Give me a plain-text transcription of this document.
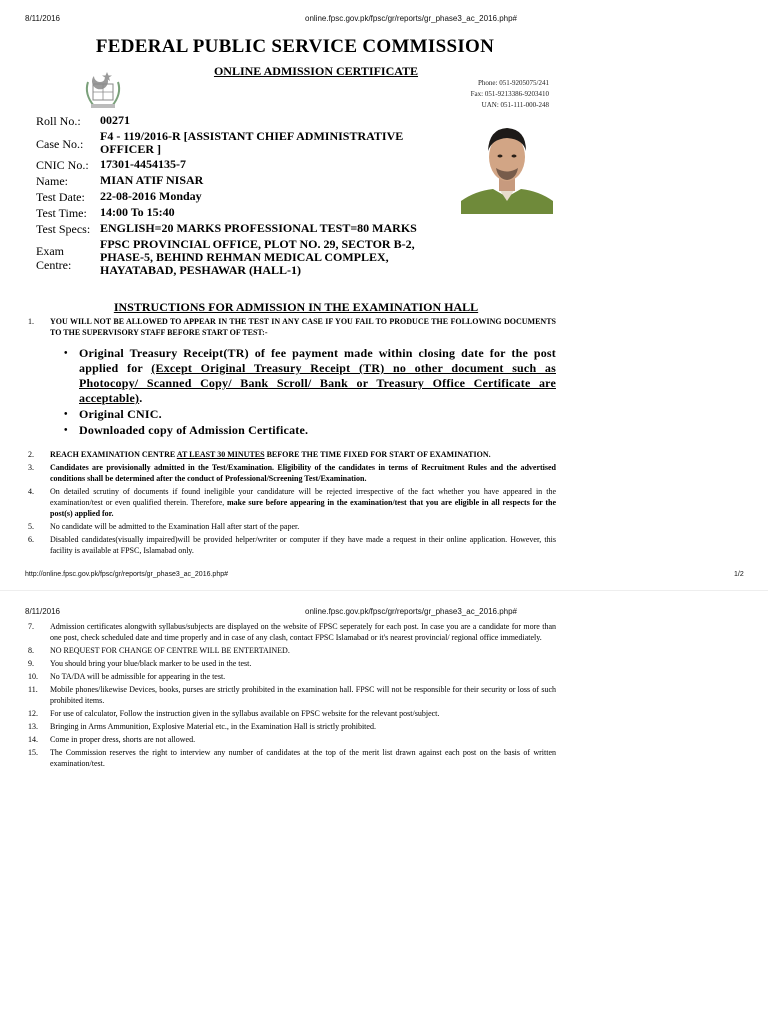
8/11/2016	online.fpsc.gov.pk/fpsc/gr/reports/gr_phase3_ac_2016.php#
FEDERAL PUBLIC SERVICE COMMISSION
ONLINE ADMISSION CERTIFICATE
Phone: 051-9205075/241
Fax: 051-9213386-9203410
UAN: 051-111-000-248
Roll No.:	00271
Case No.:
F4 - 119/2016-R [ASSISTANT CHIEF ADMINISTRATIVE OFFICER ]
CNIC No.: 17301-4454135-7
Name:	MIAN ATIF NISAR
Test Date:	22-08-2016 Monday
Test Time:	14:00 To 15:40
Test Specs: ENGLISH=20 MARKS PROFESSIONAL TEST=80 MARKS
Exam Centre:
FPSC PROVINCIAL OFFICE, PLOT NO. 29, SECTOR B-2, PHASE-5, BEHIND REHMAN MEDICAL COMPLEX, HAYATABAD, PESHAWAR (HALL-1)
INSTRUCTIONS FOR ADMISSION IN THE EXAMINATION HALL
1.	YOU WILL NOT BE ALLOWED TO APPEAR IN THE TEST IN ANY CASE IF YOU FAIL TO PRODUCE THE FOLLOWING DOCUMENTS TO THE SUPERVISORY STAFF BEFORE START OF TEST:-
• Original Treasury Receipt(TR) of fee payment made within closing date for the post applied for (Except Original Treasury Receipt (TR) no other document such as Photocopy/ Scanned Copy/ Bank Scroll/ Bank or Treasury Office Certificate are acceptable).
• Original CNIC.
• Downloaded copy of Admission Certificate.
2.	REACH EXAMINATION CENTRE AT LEAST 30 MINUTES BEFORE THE TIME FIXED FOR START OF EXAMINATION.
3.	Candidates are provisionally admitted in the Test/Examination. Eligibility of the candidates in terms of Recruitment Rules and the advertised conditions shall be determined after the conduct of Professional/Screening Test/Examination.
4.	On detailed scrutiny of documents if found ineligible your candidature will be rejected irrespective of the fact whether you have appeared in the examination/test or even qualified therein. Therefore, make sure before appearing in the examination/test that you are eligible in all respects for the post(s) applied for.
5.	No candidate will be admitted to the Examination Hall after start of the paper.
6.	Disabled candidates(visually impaired)will be provided helper/writer or computer if they have made a request in their online application. However, this facility is available at FPSC, Islamabad only.
http://online.fpsc.gov.pk/fpsc/gr/reports/gr_phase3_ac_2016.php#	1/2
8/11/2016	online.fpsc.gov.pk/fpsc/gr/reports/gr_phase3_ac_2016.php#
7.	Admission certificates alongwith syllabus/subjects are displayed on the website of FPSC seperately for each post. In case you are a candidate for more than one post, check scheduled date and time properly and in case of any clash, contact FPSC Islamabad or it's nearest provincial/ regional office immediately.
8.	NO REQUEST FOR CHANGE OF CENTRE WILL BE ENTERTAINED.
9.	You should bring your blue/black marker to be used in the test.
10.	No TA/DA will be admissible for appearing in the test.
11.	Mobile phones/likewise Devices, books, purses are strictly prohibited in the examination hall. FPSC will not be responsible for their security or loss of such prohibited items.
12.	For use of calculator, Follow the instruction given in the syllabus available on FPSC website for the relevant post/subject.
13.	Bringing in Arms Ammunition, Explosive Material etc., in the Examination Hall is strictly prohibited.
14.	Come in proper dress, shorts are not allowed.
15.	The Commission reserves the right to interview any number of candidates at the top of the merit list drawn against each post on the basis of written examination/test.
